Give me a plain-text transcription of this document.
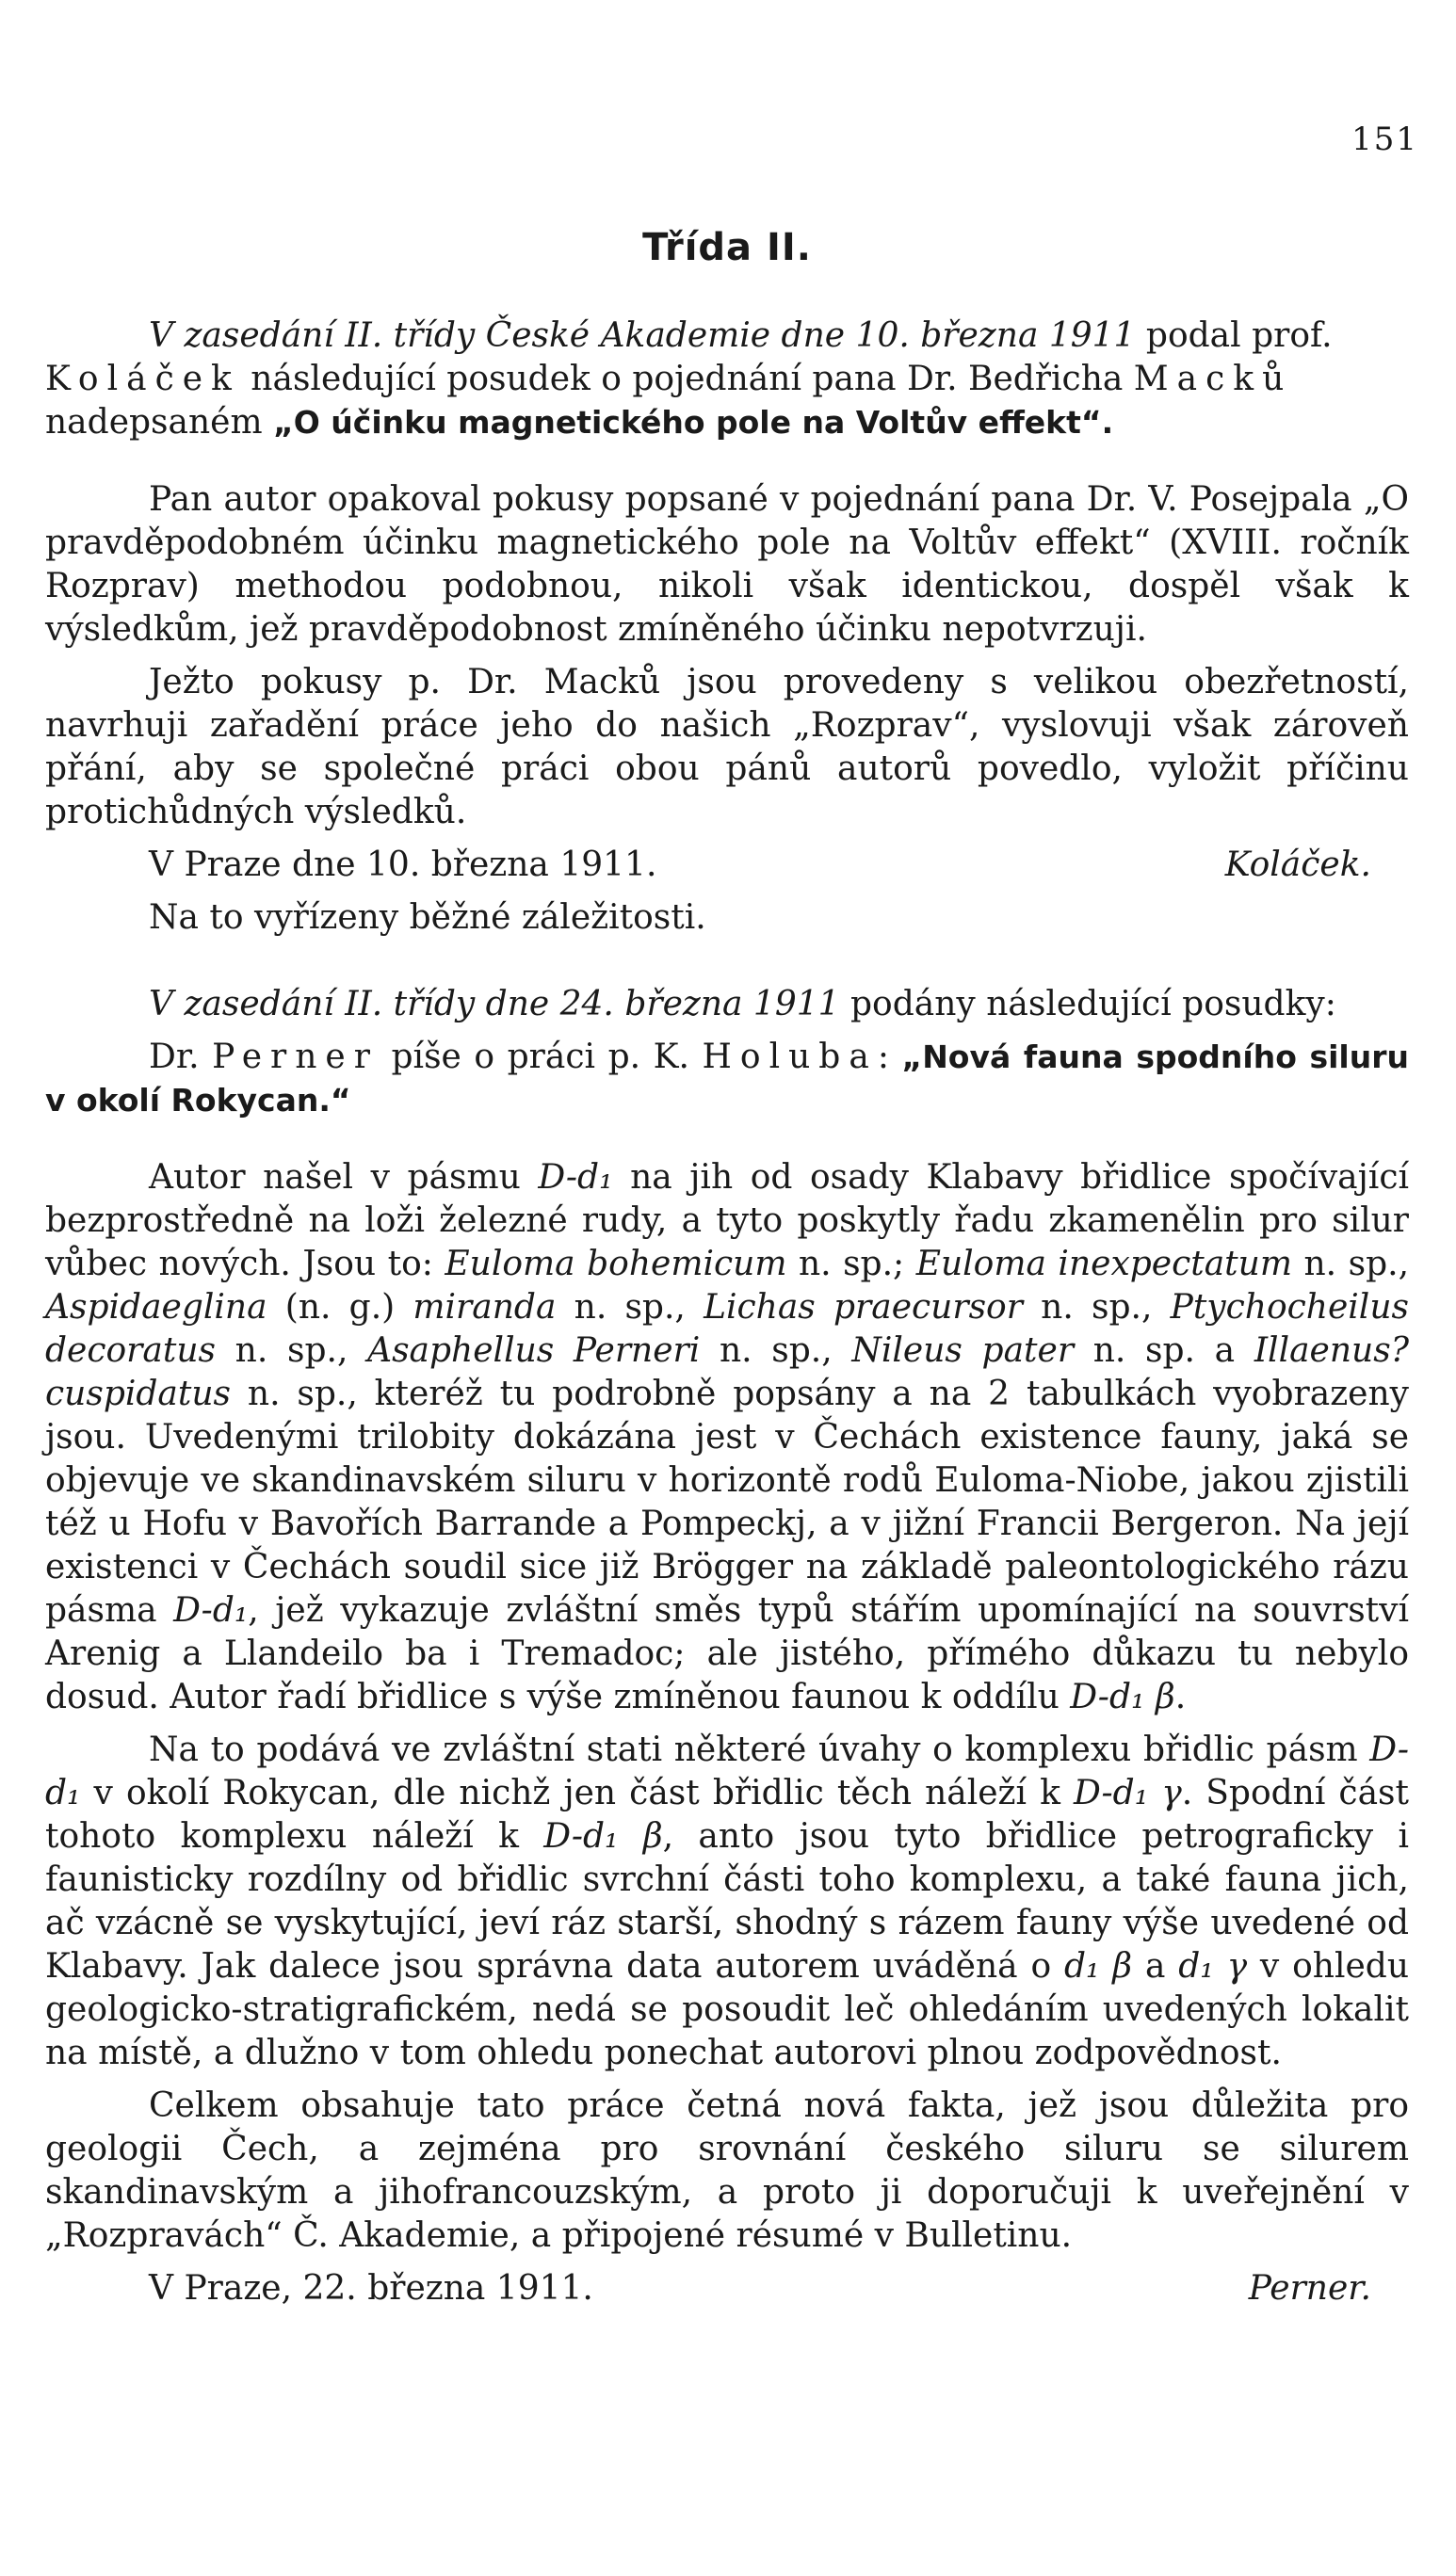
151
Třída II.

V zasedání II. třídy České Akademie dne 10. března 1911 podal prof.
Koláček následující posudek o pojednání pana Dr. Bedřicha Macků
nadepsaném „O účinku magnetického pole na Voltův effekt“.

Pan autor opakoval pokusy popsané v pojednání pana Dr. V. Posejpala „O pravděpodobném účinku magnetického pole na Voltův effekt“ (XVIII. ročník Rozprav) methodou podobnou, nikoli však identickou, dospěl však k výsledkům, jež pravděpodobnost zmíněného účinku nepotvrzuji.

Ježto pokusy p. Dr. Macků jsou provedeny s velikou obezřetností, navrhuji zařadění práce jeho do našich „Rozprav“, vyslovuji však zároveň přání, aby se společné práci obou pánů autorů povedlo, vyložit příčinu protichůdných výsledků.

V Praze dne 10. března 1911.	Koláček.

Na to vyřízeny běžné záležitosti.

V zasedání II. třídy dne 24. března 1911 podány následující posudky:

Dr. Perner píše o práci p. K. Holuba: „Nová fauna spodního siluru v okolí Rokycan.“

Autor našel v pásmu D-d₁ na jih od osady Klabavy břidlice spočívající bezprostředně na loži železné rudy, a tyto poskytly řadu zkamenělin pro silur vůbec nových. Jsou to: Euloma bohemicum n. sp.; Euloma inexpectatum n. sp., Aspidaeglina (n. g.) miranda n. sp., Lichas praecursor n. sp., Ptychocheilus decoratus n. sp., Asaphellus Perneri n. sp., Nileus pater n. sp. a Illaenus? cuspidatus n. sp., kteréž tu podrobně popsány a na 2 tabulkách vyobrazeny jsou. Uvedenými trilobity dokázána jest v Čechách existence fauny, jaká se objevuje ve skandinavském siluru v horizontě rodů Euloma-Niobe, jakou zjistili též u Hofu v Bavořích Barrande a Pompeckj, a v jižní Francii Bergeron. Na její existenci v Čechách soudil sice již Brögger na základě paleontologického rázu pásma D-d₁, jež vykazuje zvláštní směs typů stářím upomínající na souvrství Arenig a Llandeilo ba i Tremadoc; ale jistého, přímého důkazu tu nebylo dosud. Autor řadí břidlice s výše zmíněnou faunou k oddílu D-d₁ β.

Na to podává ve zvláštní stati některé úvahy o komplexu břidlic pásm D-d₁ v okolí Rokycan, dle nichž jen část břidlic těch náleží k D-d₁ γ. Spodní část tohoto komplexu náleží k D-d₁ β, anto jsou tyto břidlice petrograficky i faunisticky rozdílny od břidlic svrchní části toho komplexu, a také fauna jich, ač vzácně se vyskytující, jeví ráz starší, shodný s rázem fauny výše uvedené od Klabavy. Jak dalece jsou správna data autorem uváděná o d₁ β a d₁ γ v ohledu geologicko-stratigrafickém, nedá se posoudit leč ohledáním uvedených lokalit na místě, a dlužno v tom ohledu ponechat autorovi plnou zodpovědnost.

Celkem obsahuje tato práce četná nová fakta, jež jsou důležita pro geologii Čech, a zejména pro srovnání českého siluru se silurem skandinavským a jihofrancouzským, a proto ji doporučuji k uveřejnění v „Rozpravách“ Č. Akademie, a připojené résumé v Bulletinu.

V Praze, 22. března 1911.	Perner.
